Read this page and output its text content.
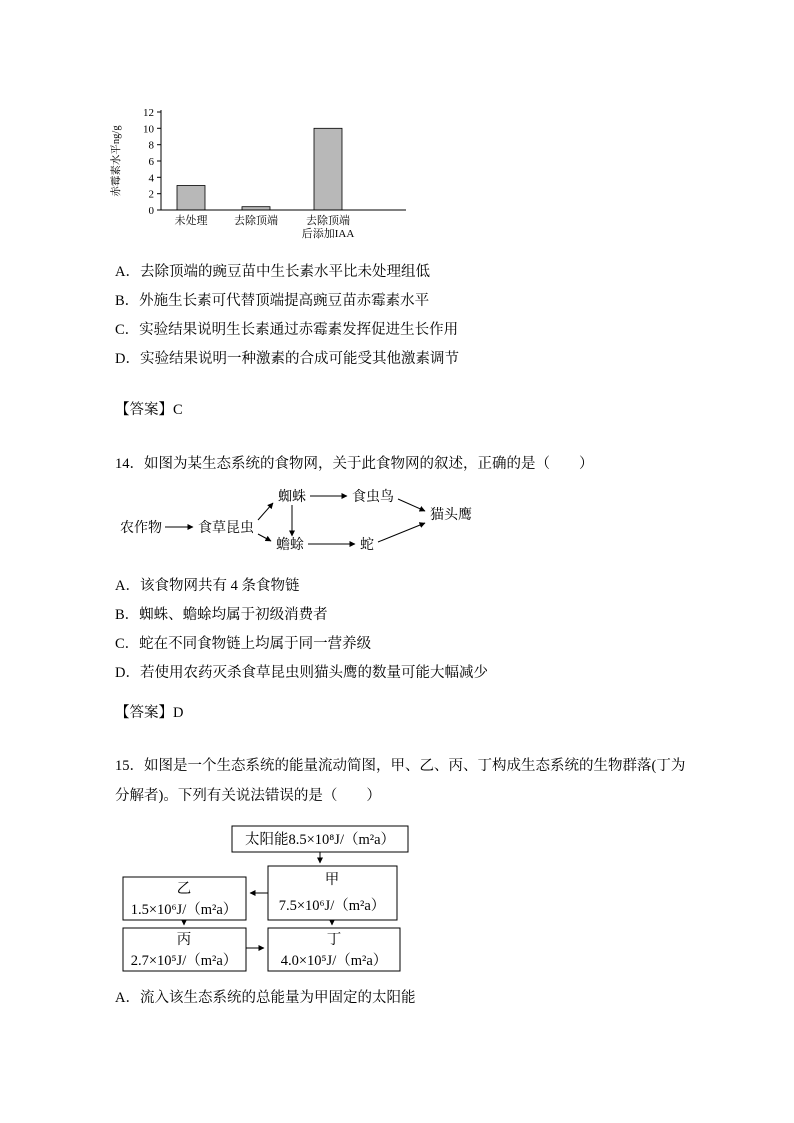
赤霉素水平ng/g
0
2
4
6
8
10
12
未处理 去除顶端	去除顶端
后添加IAA
A．去除顶端的豌豆苗中生长素水平比未处理组低
B．外施生长素可代替顶端提高豌豆苗赤霉素水平
C．实验结果说明生长素通过赤霉素发挥促进生长作用
D．实验结果说明一种激素的合成可能受其他激素调节
【答案】C
14．如图为某生态系统的食物网，关于此食物网的叙述，正确的是（　　）
农作物	食草昆虫
蜘蛛
蟾蜍
食虫鸟
蛇
猫头鹰
A．该食物网共有 4 条食物链
B．蜘蛛、蟾蜍均属于初级消费者
C．蛇在不同食物链上均属于同一营养级
D．若使用农药灭杀食草昆虫则猫头鹰的数量可能大幅减少
【答案】D
15．如图是一个生态系统的能量流动简图，甲、乙、丙、丁构成生态系统的生物群落(丁为
分解者)。下列有关说法错误的是（　　）
太阳能8.5×10⁸J/（m²a）
甲
7.5×10⁶J/（m²a）
乙
1.5×10⁶J/（m²a）
丙
2.7×10⁵J/（m²a）
丁
4.0×10⁵J/（m²a）
A．流入该生态系统的总能量为甲固定的太阳能
